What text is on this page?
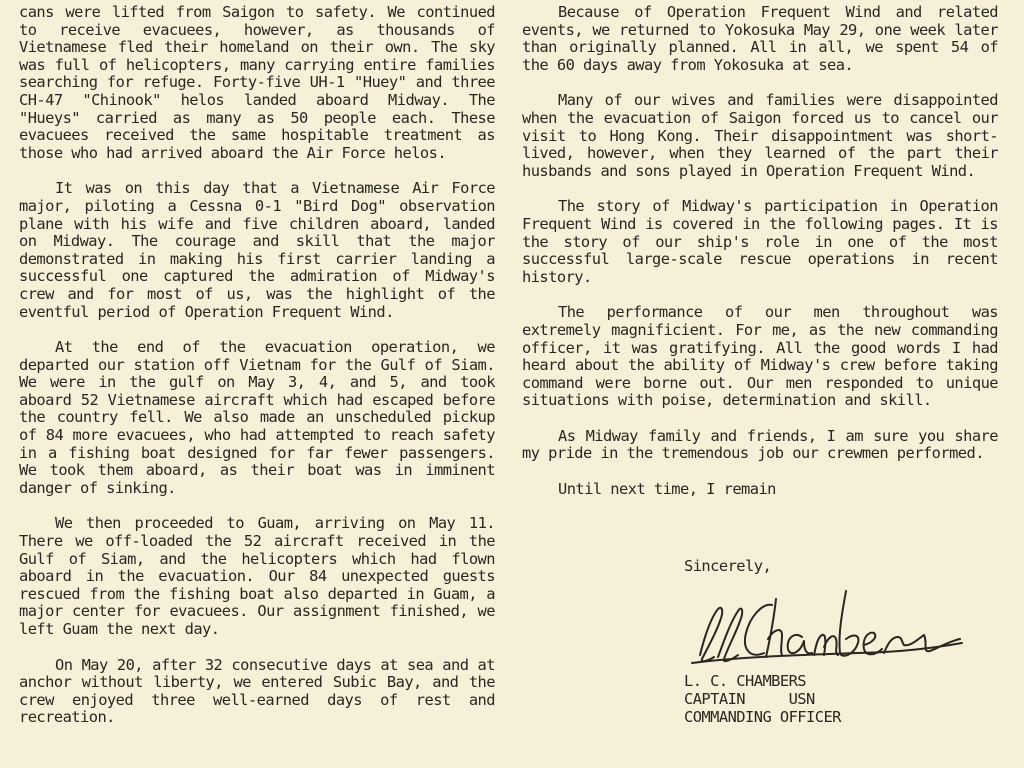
cans were lifted from Saigon to safety. We continued to receive evacuees, however, as thousands of Vietnamese fled their homeland on their own. The sky was full of helicopters, many carrying entire families searching for refuge. Forty-five UH-1 "Huey" and three CH-47 "Chinook" helos landed aboard Midway. The "Hueys" carried as many as 50 people each. These evacuees received the same hospitable treatment as those who had arrived aboard the Air Force helos.

It was on this day that a Vietnamese Air Force major, piloting a Cessna 0-1 "Bird Dog" observation plane with his wife and five children aboard, landed on Midway. The courage and skill that the major demonstrated in making his first carrier landing a successful one captured the admiration of Midway's crew and for most of us, was the highlight of the eventful period of Operation Frequent Wind.

At the end of the evacuation operation, we departed our station off Vietnam for the Gulf of Siam. We were in the gulf on May 3, 4, and 5, and took aboard 52 Vietnamese aircraft which had escaped before the country fell. We also made an unscheduled pickup of 84 more evacuees, who had attempted to reach safety in a fishing boat designed for far fewer passengers. We took them aboard, as their boat was in imminent danger of sinking.

We then proceeded to Guam, arriving on May 11. There we off-loaded the 52 aircraft received in the Gulf of Siam, and the helicopters which had flown aboard in the evacuation. Our 84 unexpected guests rescued from the fishing boat also departed in Guam, a major center for evacuees. Our assignment finished, we left Guam the next day.

On May 20, after 32 consecutive days at sea and at anchor without liberty, we entered Subic Bay, and the crew enjoyed three well-earned days of rest and recreation.

Because of Operation Frequent Wind and related events, we returned to Yokosuka May 29, one week later than originally planned. All in all, we spent 54 of the 60 days away from Yokosuka at sea.

Many of our wives and families were disappointed when the evacuation of Saigon forced us to cancel our visit to Hong Kong. Their disappointment was short-lived, however, when they learned of the part their husbands and sons played in Operation Frequent Wind.

The story of Midway's participation in Operation Frequent Wind is covered in the following pages. It is the story of our ship's role in one of the most successful large-scale rescue operations in recent history.

The performance of our men throughout was extremely magnificient. For me, as the new commanding officer, it was gratifying. All the good words I had heard about the ability of Midway's crew before taking command were borne out. Our men responded to unique situations with poise, determination and skill.

As Midway family and friends, I am sure you share my pride in the tremendous job our crewmen performed.

Until next time, I remain
Sincerely,
L. C. CHAMBERS
CAPTAIN     USN
COMMANDING OFFICER
